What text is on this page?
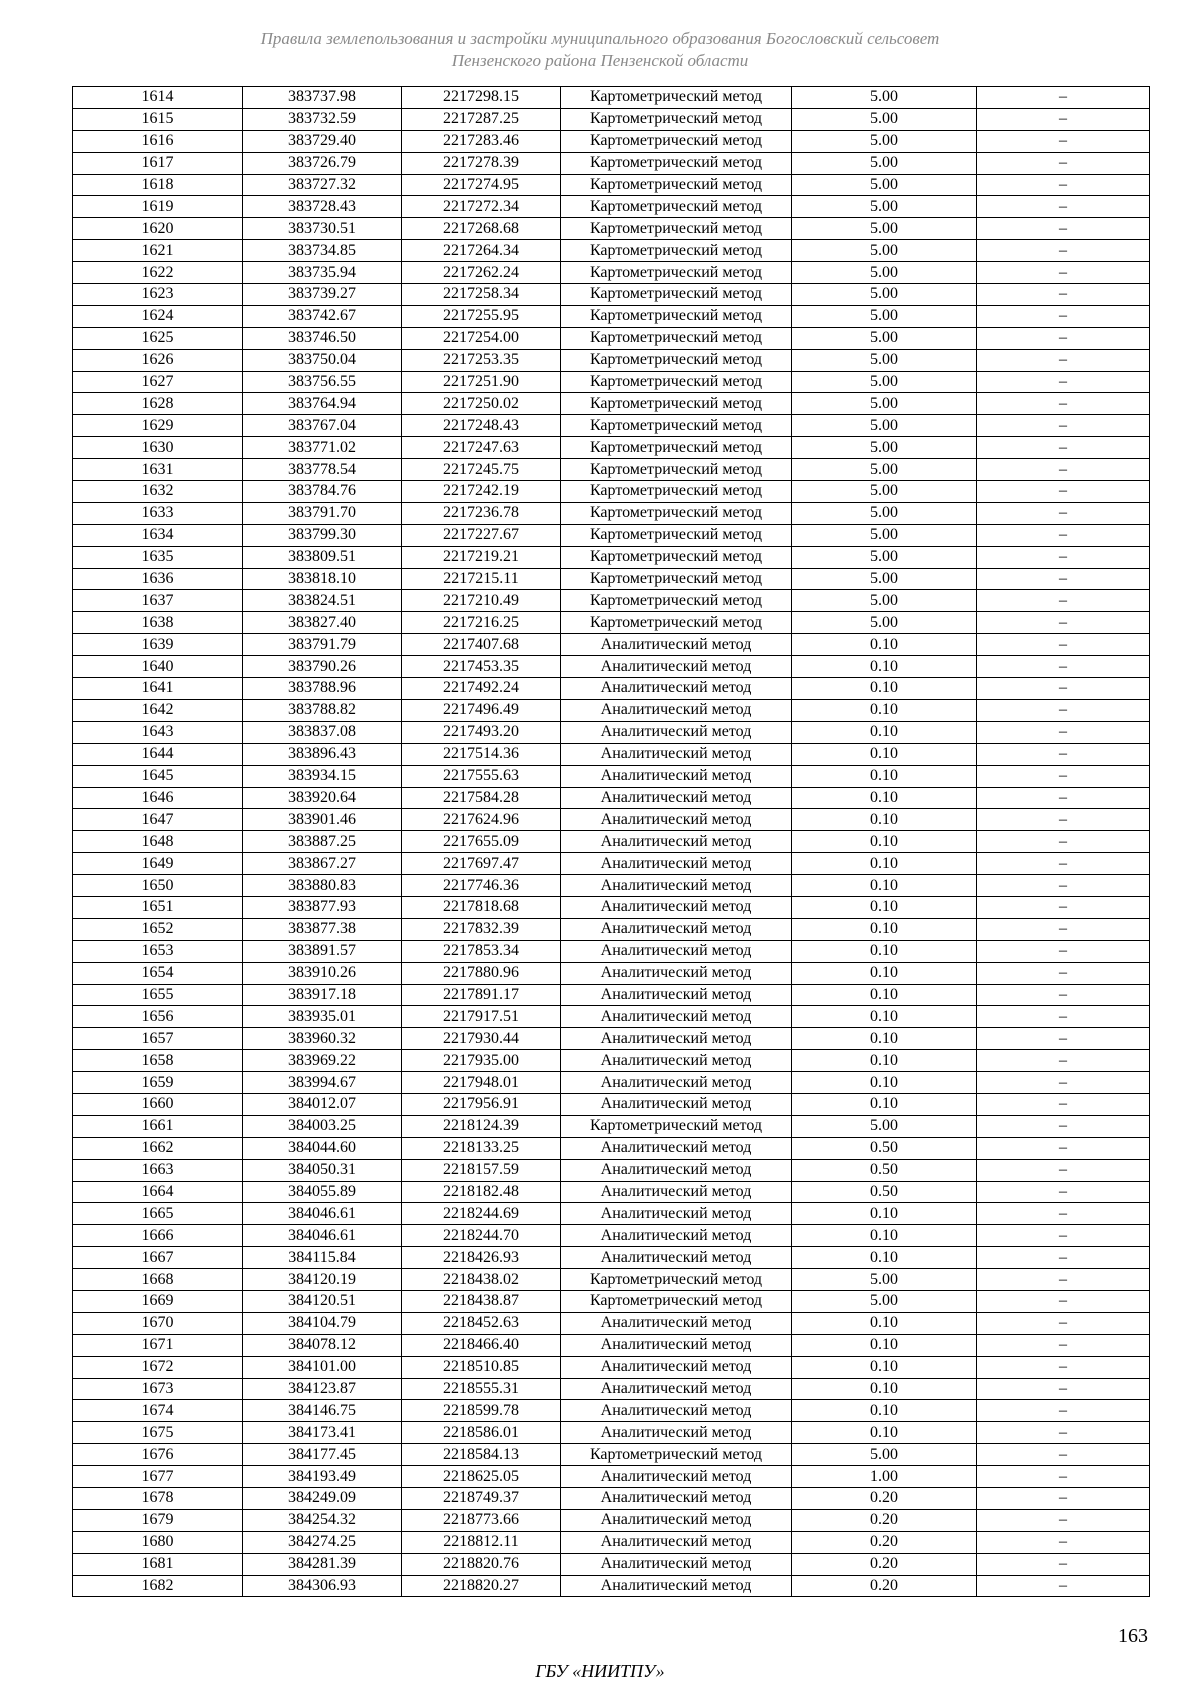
Правила землепользования и застройки муниципального образования Богословский сельсовет
Пензенского района Пензенской области
1614	383737.98	2217298.15	Картометрический метод	5.00	–
1615	383732.59	2217287.25	Картометрический метод	5.00	–
1616	383729.40	2217283.46	Картометрический метод	5.00	–
1617	383726.79	2217278.39	Картометрический метод	5.00	–
1618	383727.32	2217274.95	Картометрический метод	5.00	–
1619	383728.43	2217272.34	Картометрический метод	5.00	–
1620	383730.51	2217268.68	Картометрический метод	5.00	–
1621	383734.85	2217264.34	Картометрический метод	5.00	–
1622	383735.94	2217262.24	Картометрический метод	5.00	–
1623	383739.27	2217258.34	Картометрический метод	5.00	–
1624	383742.67	2217255.95	Картометрический метод	5.00	–
1625	383746.50	2217254.00	Картометрический метод	5.00	–
1626	383750.04	2217253.35	Картометрический метод	5.00	–
1627	383756.55	2217251.90	Картометрический метод	5.00	–
1628	383764.94	2217250.02	Картометрический метод	5.00	–
1629	383767.04	2217248.43	Картометрический метод	5.00	–
1630	383771.02	2217247.63	Картометрический метод	5.00	–
1631	383778.54	2217245.75	Картометрический метод	5.00	–
1632	383784.76	2217242.19	Картометрический метод	5.00	–
1633	383791.70	2217236.78	Картометрический метод	5.00	–
1634	383799.30	2217227.67	Картометрический метод	5.00	–
1635	383809.51	2217219.21	Картометрический метод	5.00	–
1636	383818.10	2217215.11	Картометрический метод	5.00	–
1637	383824.51	2217210.49	Картометрический метод	5.00	–
1638	383827.40	2217216.25	Картометрический метод	5.00	–
1639	383791.79	2217407.68	Аналитический метод	0.10	–
1640	383790.26	2217453.35	Аналитический метод	0.10	–
1641	383788.96	2217492.24	Аналитический метод	0.10	–
1642	383788.82	2217496.49	Аналитический метод	0.10	–
1643	383837.08	2217493.20	Аналитический метод	0.10	–
1644	383896.43	2217514.36	Аналитический метод	0.10	–
1645	383934.15	2217555.63	Аналитический метод	0.10	–
1646	383920.64	2217584.28	Аналитический метод	0.10	–
1647	383901.46	2217624.96	Аналитический метод	0.10	–
1648	383887.25	2217655.09	Аналитический метод	0.10	–
1649	383867.27	2217697.47	Аналитический метод	0.10	–
1650	383880.83	2217746.36	Аналитический метод	0.10	–
1651	383877.93	2217818.68	Аналитический метод	0.10	–
1652	383877.38	2217832.39	Аналитический метод	0.10	–
1653	383891.57	2217853.34	Аналитический метод	0.10	–
1654	383910.26	2217880.96	Аналитический метод	0.10	–
1655	383917.18	2217891.17	Аналитический метод	0.10	–
1656	383935.01	2217917.51	Аналитический метод	0.10	–
1657	383960.32	2217930.44	Аналитический метод	0.10	–
1658	383969.22	2217935.00	Аналитический метод	0.10	–
1659	383994.67	2217948.01	Аналитический метод	0.10	–
1660	384012.07	2217956.91	Аналитический метод	0.10	–
1661	384003.25	2218124.39	Картометрический метод	5.00	–
1662	384044.60	2218133.25	Аналитический метод	0.50	–
1663	384050.31	2218157.59	Аналитический метод	0.50	–
1664	384055.89	2218182.48	Аналитический метод	0.50	–
1665	384046.61	2218244.69	Аналитический метод	0.10	–
1666	384046.61	2218244.70	Аналитический метод	0.10	–
1667	384115.84	2218426.93	Аналитический метод	0.10	–
1668	384120.19	2218438.02	Картометрический метод	5.00	–
1669	384120.51	2218438.87	Картометрический метод	5.00	–
1670	384104.79	2218452.63	Аналитический метод	0.10	–
1671	384078.12	2218466.40	Аналитический метод	0.10	–
1672	384101.00	2218510.85	Аналитический метод	0.10	–
1673	384123.87	2218555.31	Аналитический метод	0.10	–
1674	384146.75	2218599.78	Аналитический метод	0.10	–
1675	384173.41	2218586.01	Аналитический метод	0.10	–
1676	384177.45	2218584.13	Картометрический метод	5.00	–
1677	384193.49	2218625.05	Аналитический метод	1.00	–
1678	384249.09	2218749.37	Аналитический метод	0.20	–
1679	384254.32	2218773.66	Аналитический метод	0.20	–
1680	384274.25	2218812.11	Аналитический метод	0.20	–
1681	384281.39	2218820.76	Аналитический метод	0.20	–
1682	384306.93	2218820.27	Аналитический метод	0.20	–
163
ГБУ «НИИТПУ»
